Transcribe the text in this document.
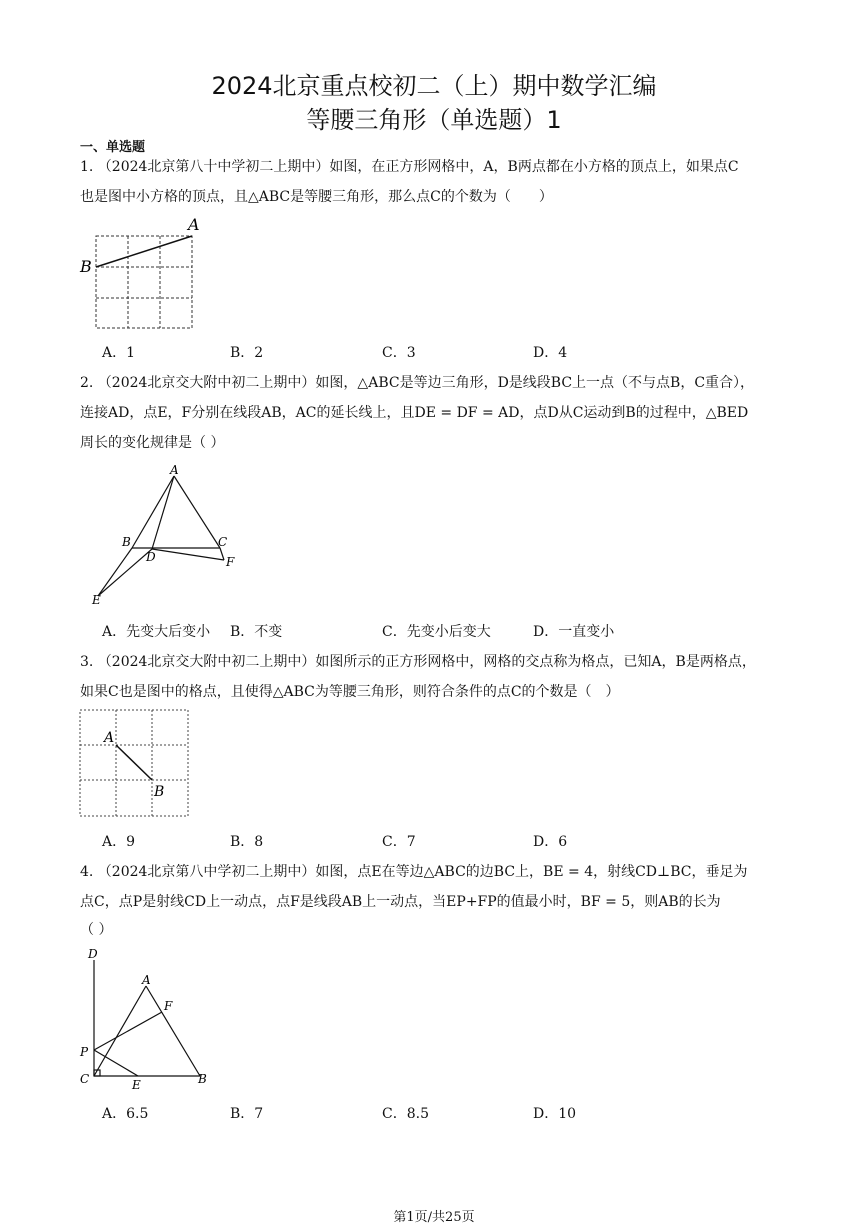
2024北京重点校初二（上）期中数学汇编
等腰三角形（单选题）1
一、单选题
1. （2024北京第八十中学初二上期中）如图，在正方形网格中，A，B两点都在小方格的顶点上，如果点C
也是图中小方格的顶点，且△ABC是等腰三角形，那么点C的个数为（　　）
A
B
A．1	B．2	C．3	D．4
2. （2024北京交大附中初二上期中）如图，△ABC是等边三角形，D是线段BC上一点（不与点B，C重合），
连接AD，点E，F分别在线段AB，AC的延长线上，且DE = DF = AD，点D从C运动到B的过程中，△BED
周长的变化规律是（ ）
A
B	C
D
E
F
A．先变大后变小 B．不变	C．先变小后变大	D．一直变小
3. （2024北京交大附中初二上期中）如图所示的正方形网格中，网格的交点称为格点，已知A，B是两格点，
如果C也是图中的格点，且使得△ABC为等腰三角形，则符合条件的点C的个数是（　）
A
B
A．9	B．8	C．7	D．6
4. （2024北京第八中学初二上期中）如图，点E在等边△ABC的边BC上，BE = 4，射线CD⊥BC，垂足为
点C，点P是射线CD上一动点，点F是线段AB上一动点，当EP+FP的值最小时，BF = 5，则AB的长为
（ ）
D
A
F
P
C	E	B
A．6.5	B．7	C．8.5	D．10
第1页/共25页
